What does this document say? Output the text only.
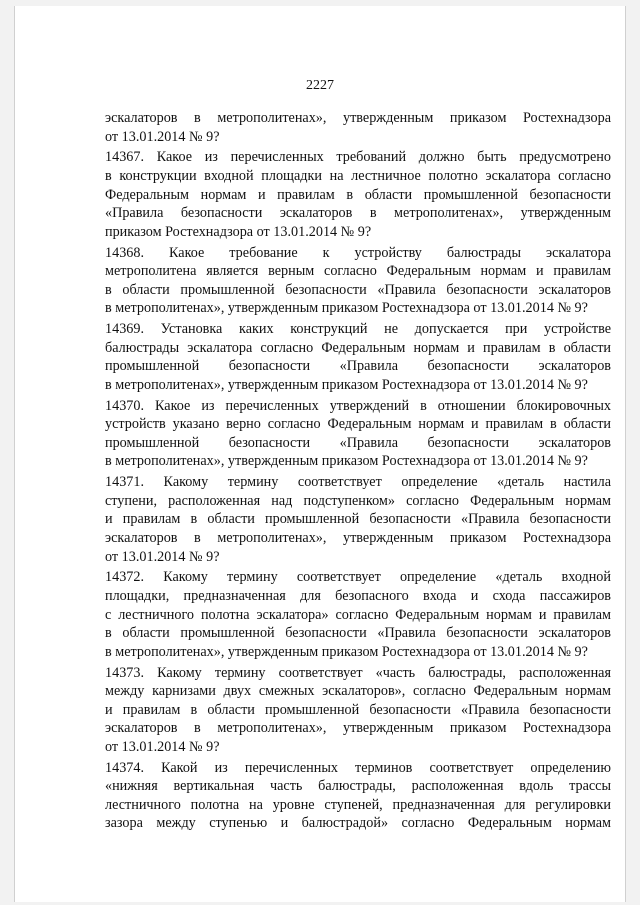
2227
эскалаторов в метрополитенах», утвержденным приказом Ростехнадзора
от 13.01.2014 № 9?
14367. Какое из перечисленных требований должно быть предусмотрено
в конструкции входной площадки на лестничное полотно эскалатора согласно
Федеральным нормам и правилам в области промышленной безопасности
«Правила безопасности эскалаторов в метрополитенах», утвержденным
приказом Ростехнадзора от 13.01.2014 № 9?
14368. Какое требование к устройству балюстрады эскалатора
метрополитена является верным согласно Федеральным нормам и правилам
в области промышленной безопасности «Правила безопасности эскалаторов
в метрополитенах», утвержденным приказом Ростехнадзора от 13.01.2014 № 9?
14369. Установка каких конструкций не допускается при устройстве
балюстрады эскалатора согласно Федеральным нормам и правилам в области
промышленной безопасности «Правила безопасности эскалаторов
в метрополитенах», утвержденным приказом Ростехнадзора от 13.01.2014 № 9?
14370. Какое из перечисленных утверждений в отношении блокировочных
устройств указано верно согласно Федеральным нормам и правилам в области
промышленной безопасности «Правила безопасности эскалаторов
в метрополитенах», утвержденным приказом Ростехнадзора от 13.01.2014 № 9?
14371. Какому термину соответствует определение «деталь настила
ступени, расположенная над подступенком» согласно Федеральным нормам
и правилам в области промышленной безопасности «Правила безопасности
эскалаторов в метрополитенах», утвержденным приказом Ростехнадзора
от 13.01.2014 № 9?
14372. Какому термину соответствует определение «деталь входной
площадки, предназначенная для безопасного входа и схода пассажиров
с лестничного полотна эскалатора» согласно Федеральным нормам и правилам
в области промышленной безопасности «Правила безопасности эскалаторов
в метрополитенах», утвержденным приказом Ростехнадзора от 13.01.2014 № 9?
14373. Какому термину соответствует «часть балюстрады, расположенная
между карнизами двух смежных эскалаторов», согласно Федеральным нормам
и правилам в области промышленной безопасности «Правила безопасности
эскалаторов в метрополитенах», утвержденным приказом Ростехнадзора
от 13.01.2014 № 9?
14374. Какой из перечисленных терминов соответствует определению
«нижняя вертикальная часть балюстрады, расположенная вдоль трассы
лестничного полотна на уровне ступеней, предназначенная для регулировки
зазора между ступенью и балюстрадой» согласно Федеральным нормам
